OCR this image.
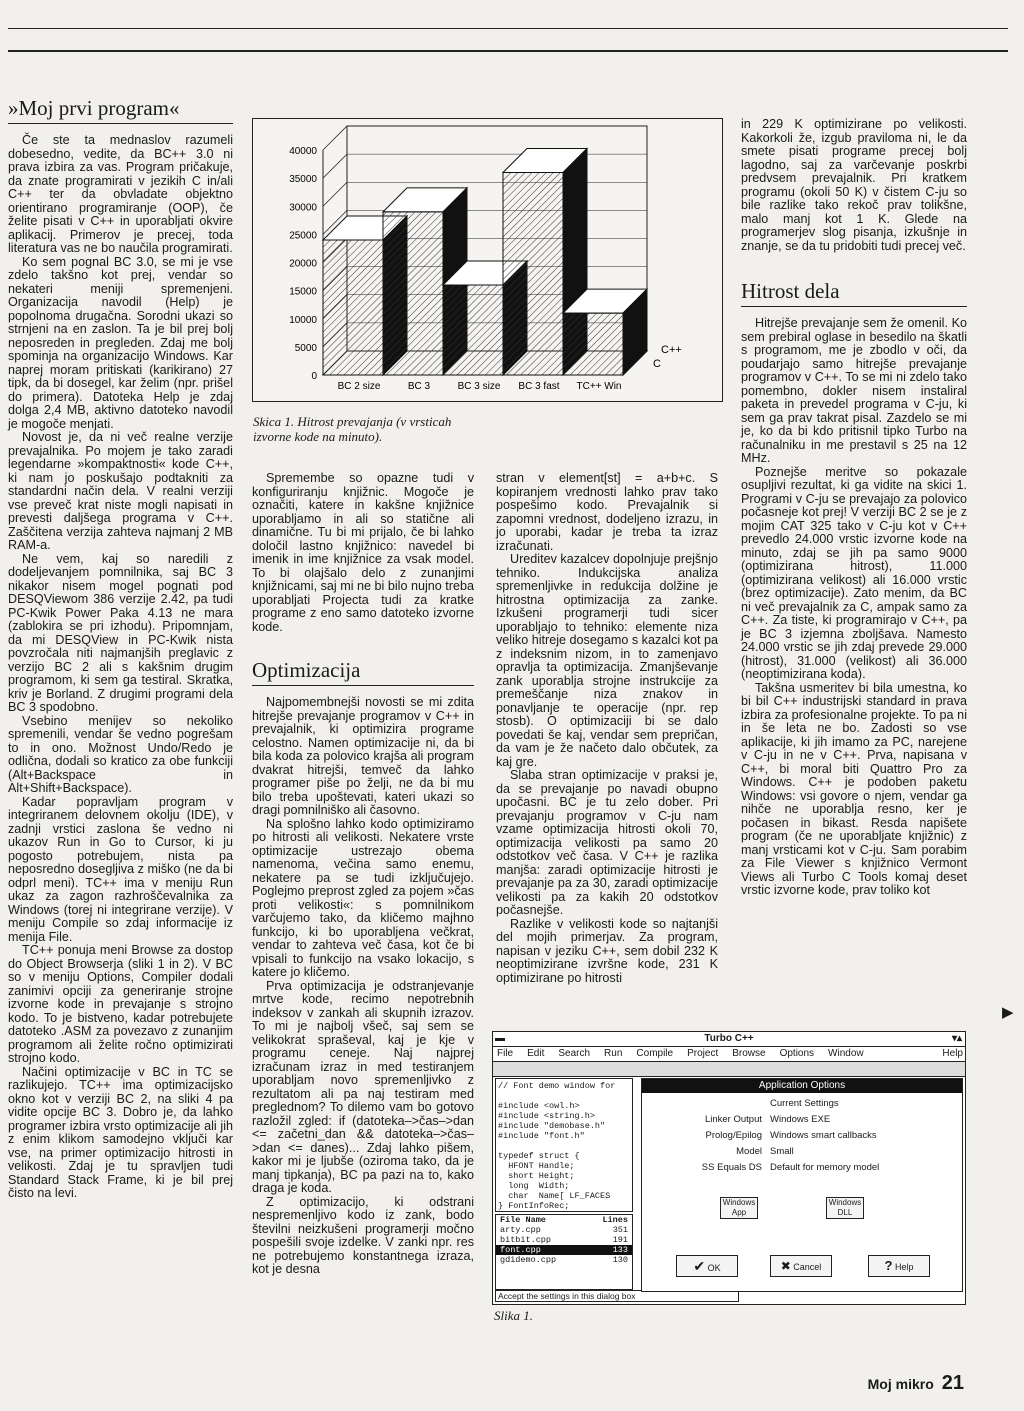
»Moj prvi program«

Če ste ta mednaslov razumeli dobesedno, vedite, da BC++ 3.0 ni prava izbira za vas. Program pričakuje, da znate programirati v jezikih C in/ali C++ ter da obvladate objektno orientirano programiranje (OOP), če želite pisati v C++ in uporabljati okvire aplikacij. Primerov je precej, toda literatura vas ne bo naučila programirati.

Ko sem pognal BC 3.0, se mi je vse zdelo takšno kot prej, vendar so nekateri meniji spremenjeni. Organizacija navodil (Help) je popolnoma drugačna. Sorodni ukazi so strnjeni na en zaslon. Ta je bil prej bolj neposreden in pregleden. Zdaj me bolj spominja na organizacijo Windows. Kar naprej moram pritiskati (karikirano) 27 tipk, da bi dosegel, kar želim (npr. prišel do primera). Datoteka Help je zdaj dolga 2,4 MB, aktivno datoteko navodil je mogoče menjati.

Novost je, da ni več realne verzije prevajalnika. Po mojem je tako zaradi legendarne »kompaktnosti« kode C++, ki nam jo poskušajo podtakniti za standardni način dela. V realni verziji vse preveč krat niste mogli napisati in prevesti daljšega programa v C++. Zaščitena verzija zahteva najmanj 2 MB RAM-a.

Ne vem, kaj so naredili z dodeljevanjem pomnilnika, saj BC 3 nikakor nisem mogel pognati pod DESQViewom 386 verzije 2.42, pa tudi PC-Kwik Power Paka 4.13 ne mara (zablokira se pri izhodu). Pripomnjam, da mi DESQView in PC-Kwik nista povzročala niti najmanjših preglavic z verzijo BC 2 ali s kakšnim drugim programom, ki sem ga testiral. Skratka, kriv je Borland. Z drugimi programi dela BC 3 spodobno.

Vsebino menijev so nekoliko spremenili, vendar še vedno pogrešam to in ono. Možnost Undo/Redo je odlična, dodali so kratico za obe funkciji (Alt+Backspace in Alt+Shift+Backspace).

Kadar popravljam program v integriranem delovnem okolju (IDE), v zadnji vrstici zaslona še vedno ni ukazov Run in Go to Cursor, ki ju pogosto potrebujem, nista pa neposredno dosegljiva z miško (ne da bi odprl meni). TC++ ima v meniju Run ukaz za zagon razhroščevalnika za Windows (torej ni integrirane verzije). V meniju Compile so zdaj informacije iz menija File.

TC++ ponuja meni Browse za dostop do Object Browserja (sliki 1 in 2). V BC so v meniju Options, Compiler dodali zanimivi opciji za generiranje strojne izvorne kode in prevajanje s strojno kodo. To je bistveno, kadar potrebujete datoteko .ASM za povezavo z zunanjim programom ali želite ročno optimizirati strojno kodo.

Načini optimizacije v BC in TC se razlikujejo. TC++ ima optimizacijsko okno kot v verziji BC 2, na sliki 4 pa vidite opcije BC 3. Dobro je, da lahko programer izbira vrsto optimizacije ali jih z enim klikom samodejno vključi kar vse, na primer optimizacijo hitrosti in velikosti. Zdaj je tu spravljen tudi Standard Stack Frame, ki je bil prej čisto na levi.

0
5000
10000
15000
20000
25000
30000
35000
40000
BC 2 size	BC 3	BC 3 size BC 3 fast TC++ Win
C
C++
Skica 1. Hitrost prevajanja (v vrsticah izvorne kode na minuto).

Spremembe so opazne tudi v konfiguriranju knjižnic. Mogoče je označiti, katere in kakšne knjižnice uporabljamo in ali so statične ali dinamične. Tu bi mi prijalo, če bi lahko določil lastno knjižnico: navedel bi imenik in ime knjižnice za vsak model. To bi olajšalo delo z zunanjimi knjižnicami, saj mi ne bi bilo nujno treba uporabljati Projecta tudi za kratke programe z eno samo datoteko izvorne kode.

Optimizacija

Najpomembnejši novosti se mi zdita hitrejše prevajanje programov v C++ in prevajalnik, ki optimizira programe celostno. Namen optimizacije ni, da bi bila koda za polovico krajša ali program dvakrat hitrejši, temveč da lahko programer piše po želji, ne da bi mu bilo treba upoštevati, kateri ukazi so dragi pomnilniško ali časovno.

Na splošno lahko kodo optimiziramo po hitrosti ali velikosti. Nekatere vrste optimizacije ustrezajo obema namenoma, večina samo enemu, nekatere pa se tudi izključujejo. Poglejmo preprost zgled za pojem »čas proti velikosti«: s pomnilnikom varčujemo tako, da kličemo majhno funkcijo, ki bo uporabljena večkrat, vendar to zahteva več časa, kot če bi vpisali to funkcijo na vsako lokacijo, s katere jo kličemo.

Prva optimizacija je odstranjevanje mrtve kode, recimo nepotrebnih indeksov v zankah ali skupnih izrazov. To mi je najbolj všeč, saj sem se velikokrat spraševal, kaj je kje v programu ceneje. Naj najprej izračunam izraz in med testiranjem uporabljam novo spremenljivko z rezultatom ali pa naj testiram med preglednom? To dilemo vam bo gotovo razložil zgled: if (datoteka–>čas–>dan <= začetni_dan && datoteka–>čas–>dan <= danes)... Zdaj lahko pišem, kakor mi je ljubše (oziroma tako, da je manj tipkanja), BC pa pazi na to, kako draga je koda.

Z optimizacijo, ki odstrani nespremenljivo kodo iz zank, bodo številni neizkušeni programerji močno pospešili svoje izdelke. V zanki npr. res ne potrebujemo konstantnega izraza, kot je desna

stran v element[st] = a+b+c. S kopiranjem vrednosti lahko prav tako pospešimo kodo. Prevajalnik si zapomni vrednost, dodeljeno izrazu, in jo uporabi, kadar je treba ta izraz izračunati.

Ureditev kazalcev dopolnjuje prejšnjo tehniko. Indukcijska analiza spremenljivke in redukcija dolžine je hitrostna optimizacija za zanke. Izkušeni programerji tudi sicer uporabljajo to tehniko: elemente niza veliko hitreje dosegamo s kazalci kot pa z indeksnim nizom, in to zamenjavo opravlja ta optimizacija. Zmanjševanje zank uporablja strojne instrukcije za premeščanje niza znakov in ponavljanje te operacije (npr. rep stosb). O optimizaciji bi se dalo povedati še kaj, vendar sem prepričan, da vam je že načeto dalo občutek, za kaj gre.

Slaba stran optimizacije v praksi je, da se prevajanje po navadi obupno upočasni. BC je tu zelo dober. Pri prevajanju programov v C-ju nam vzame optimizacija hitrosti okoli 70, optimizacija velikosti pa samo 20 odstotkov več časa. V C++ je razlika manjša: zaradi optimizacije hitrosti je prevajanje pa za 30, zaradi optimizacije velikosti pa za kakih 20 odstotkov počasnejše.

Razlike v velikosti kode so najtanjši del mojih primerjav. Za program, napisan v jeziku C++, sem dobil 232 K neoptimizirane izvršne kode, 231 K optimizirane po hitrosti

in 229 K optimizirane po velikosti. Kakorkoli že, izgub praviloma ni, le da smete pisati programe precej bolj lagodno, saj za varčevanje poskrbi predvsem prevajalnik. Pri kratkem programu (okoli 50 K) v čistem C-ju so bile razlike tako rekoč prav tolikšne, malo manj kot 1 K. Glede na programerjev slog pisanja, izkušnje in znanje, se da tu pridobiti tudi precej več.

Hitrost dela

Hitrejše prevajanje sem že omenil. Ko sem prebiral oglase in besedilo na škatli s programom, me je zbodlo v oči, da poudarjajo samo hitrejše prevajanje programov v C++. To se mi ni zdelo tako pomembno, dokler nisem instaliral paketa in prevedel programa v C-ju, ki sem ga prav takrat pisal. Zazdelo se mi je, ko da bi kdo pritisnil tipko Turbo na računalniku in me prestavil s 25 na 12 MHz.

Poznejše meritve so pokazale osupljivi rezultat, ki ga vidite na skici 1. Programi v C-ju se prevajajo za polovico počasneje kot prej! V verziji BC 2 se je z mojim CAT 325 tako v C-ju kot v C++ prevedlo 24.000 vrstic izvorne kode na minuto, zdaj se jih pa samo 9000 (optimizirana hitrost), 11.000 (optimizirana velikost) ali 16.000 vrstic (brez optimizacije). Zato menim, da BC ni več prevajalnik za C, ampak samo za C++. Za tiste, ki programirajo v C++, pa je BC 3 izjemna zboljšava. Namesto 24.000 vrstic se jih zdaj prevede 29.000 (hitrost), 31.000 (velikost) ali 36.000 (neoptimizirana koda).

Takšna usmeritev bi bila umestna, ko bi bil C++ industrijski standard in prava izbira za profesionalne projekte. To pa ni in še leta ne bo. Zadosti so vse aplikacije, ki jih imamo za PC, narejene v C-ju in ne v C++. Prva, napisana v C++, bi moral biti Quattro Pro za Windows. C++ je podoben paketu Windows: vsi govore o njem, vendar ga nihče ne uporablja resno, ker je počasen in bikast. Resda napišete program (če ne uporabljate knjižnic) z manj vrsticami kot v C-ju. Sam porabim za File Viewer s knjižnico Vermont Views ali Turbo C Tools komaj deset vrstic izvorne kode, prav toliko kot

▶
▬	Turbo C++	▾▴
File Edit Search Run Compile Project Browse Options Window	Help
// Font demo window for

#include <owl.h>
#include <string.h>
#include "demobase.h"
#include "font.h"

typedef struct {
HFONT Handle;
short Height;
long  Width;
char  Name[ LF_FACES
} FontInfoRec;
File Name	Lines
arty.cpp	351
bitbit.cpp	191
font.cpp	133
gdidemo.cpp	130
Accept the settings in this dialog box
Application Options
Current Settings
Linker Output Windows EXE
Prolog/Epilog Windows smart callbacks
Model Small
SS Equals DS Default for memory model
Windows App
Windows DLL
✔ OK	✖ Cancel	? Help
Slika 1.
Moj mikro 21
